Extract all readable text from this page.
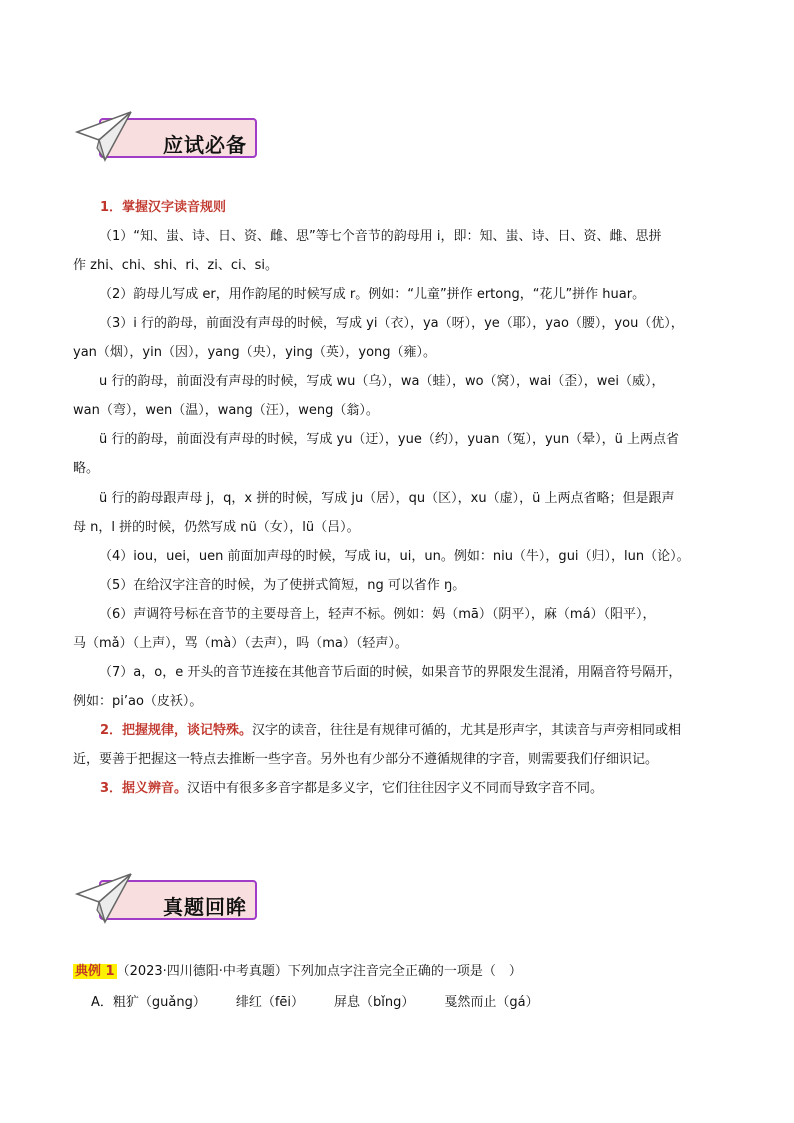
应试必备
1．掌握汉字读音规则
（1）“知、蚩、诗、日、资、雌、思”等七个音节的韵母用 i，即：知、蚩、诗、日、资、雌、思拼
作 zhi、chi、shi、ri、zi、ci、si。
（2）韵母儿写成 er，用作韵尾的时候写成 r。例如：“儿童”拼作 ertong，“花儿”拼作 huar。
（3）i 行的韵母，前面没有声母的时候，写成 yi（衣），ya（呀），ye（耶），yao（腰），you（优），
yan（烟），yin（因），yang（央），ying（英），yong（雍）。
u 行的韵母，前面没有声母的时候，写成 wu（乌），wa（蛙），wo（窝），wai（歪），wei（威），
wan（弯），wen（温），wang（汪），weng（翁）。
ü 行的韵母，前面没有声母的时候，写成 yu（迂），yue（约），yuan（冤），yun（晕），ü 上两点省
略。
ü 行的韵母跟声母 j，q，x 拼的时候，写成 ju（居），qu（区），xu（虚），ü 上两点省略；但是跟声
母 n，l 拼的时候，仍然写成 nü（女），lü（吕）。
（4）iou，uei，uen 前面加声母的时候，写成 iu，ui，un。例如：niu（牛），gui（归），lun（论）。
（5）在给汉字注音的时候，为了使拼式简短，ng 可以省作 ŋ。
（6）声调符号标在音节的主要母音上，轻声不标。例如：妈（mā）（阴平），麻（má）（阳平），
马（mǎ）（上声），骂（mà）（去声），吗（ma）（轻声）。
（7）a，o，e 开头的音节连接在其他音节后面的时候，如果音节的界限发生混淆，用隔音符号隔开，
例如：pi’ao（皮袄）。
2．把握规律，谈记特殊。汉字的读音，往往是有规律可循的，尤其是形声字，其读音与声旁相同或相
近，要善于把握这一特点去推断一些字音。另外也有少部分不遵循规律的字音，则需要我们仔细识记。
3．据义辨音。汉语中有很多多音字都是多义字，它们往往因字义不同而导致字音不同。
真题回眸
典例 1 （2023·四川德阳·中考真题）下列加点字注音完全正确的一项是（　）
A．粗犷（guǎng） 绯红（fēi） 屏息（bǐng） 戛然而止（gá）
